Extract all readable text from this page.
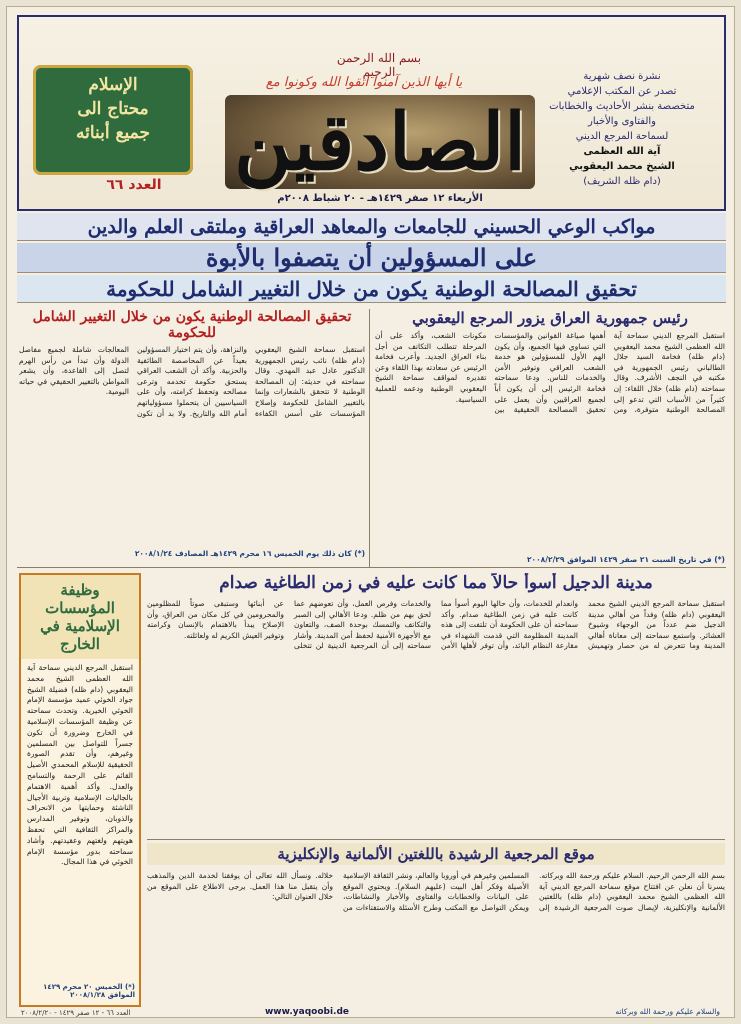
بسم الله الرحمن الرحيم
يا أيها الذين آمنوا اتقوا الله وكونوا مع
الصادقين
الأربعاء ١٢ صفر ١٤٢٩هـ - ٢٠ شباط ٢٠٠٨م
الإسلام
محتاج الى
جميع أبنائه
العدد ٦٦
نشرة نصف شهرية
تصدر عن المكتب الإعلامي
متخصصة بنشر الأحاديث والخطابات
والفتاوى والأخبار
لسماحة المرجع الديني
آية الله العظمى
الشيخ محمد اليعقوبي
(دام ظله الشريف)
مواكب الوعي الحسيني للجامعات والمعاهد العراقية وملتقى العلم والدين
على المسؤولين أن يتصفوا بالأبوة
تحقيق المصالحة الوطنية يكون من خلال التغيير الشامل للحكومة
رئيس جمهورية العراق يزور المرجع اليعقوبي
استقبل المرجع الديني سماحة آية الله العظمى الشيخ محمد اليعقوبي (دام ظله) فخامة السيد جلال الطالباني رئيس الجمهورية في مكتبه في النجف الأشرف. وقال سماحته (دام ظله) خلال اللقاء: إن كثيراً من الأسباب التي تدعو إلى المصالحة الوطنية متوفرة، ومن أهمها صياغة القوانين والمؤسسات التي تساوي فيها الجميع، وأن يكون الهم الأول للمسؤولين هو خدمة الشعب العراقي وتوفير الأمن والخدمات للناس. ودعا سماحته فخامة الرئيس إلى أن يكون أباً لجميع العراقيين وأن يعمل على تحقيق المصالحة الحقيقية بين مكونات الشعب، وأكد على أن المرحلة تتطلب التكاتف من أجل بناء العراق الجديد. وأعرب فخامة الرئيس عن سعادته بهذا اللقاء وعن تقديره لمواقف سماحة الشيخ اليعقوبي الوطنية ودعمه للعملية السياسية.
(*) في تاريخ السبت ٢١ صفر ١٤٢٩ الموافق ٢٠٠٨/٢/٢٩
تحقيق المصالحة الوطنية يكون من خلال التغيير الشامل للحكومة
استقبل سماحة الشيخ اليعقوبي (دام ظله) نائب رئيس الجمهورية الدكتور عادل عبد المهدي. وقال سماحته في حديثه: إن المصالحة الوطنية لا تتحقق بالشعارات وإنما بالتغيير الشامل للحكومة وإصلاح المؤسسات على أسس الكفاءة والنزاهة، وأن يتم اختيار المسؤولين بعيداً عن المحاصصة الطائفية والحزبية. وأكد أن الشعب العراقي يستحق حكومة تخدمه وترعى مصالحه وتحفظ كرامته، وأن على السياسيين أن يتحملوا مسؤولياتهم أمام الله والتاريخ. ولا بد أن تكون المعالجات شاملة لجميع مفاصل الدولة وأن تبدأ من رأس الهرم لتصل إلى القاعدة، وأن يشعر المواطن بالتغيير الحقيقي في حياته اليومية.
(*) كان ذلك يوم الخميس ١٦ محرم ١٤٢٩هـ المصادف ٢٠٠٨/١/٢٤
مدينة الدجيل أسوأ حالاً مما كانت عليه في زمن الطاغية صدام
استقبل سماحة المرجع الديني الشيخ محمد اليعقوبي (دام ظله) وفداً من أهالي مدينة الدجيل ضم عدداً من الوجهاء وشيوخ العشائر. واستمع سماحته إلى معاناة أهالي المدينة وما تتعرض له من حصار وتهميش وانعدام للخدمات، وأن حالها اليوم أسوأ مما كانت عليه في زمن الطاغية صدام. وأكد سماحته أن على الحكومة أن تلتفت إلى هذه المدينة المظلومة التي قدمت الشهداء في مقارعة النظام البائد، وأن توفر لأهلها الأمن والخدمات وفرص العمل، وأن تعوضهم عما لحق بهم من ظلم. ودعا الأهالي إلى الصبر والتكاتف والتمسك بوحدة الصف، والتعاون مع الأجهزة الأمنية لحفظ أمن المدينة. وأشار سماحته إلى أن المرجعية الدينية لن تتخلى عن أبنائها وستبقى صوتاً للمظلومين والمحرومين في كل مكان من العراق، وأن الإصلاح يبدأ بالاهتمام بالإنسان وكرامته وتوفير العيش الكريم له ولعائلته.
وظيفة المؤسسات الإسلامية في الخارج
استقبل المرجع الديني سماحة آية الله العظمى الشيخ محمد اليعقوبي (دام ظله) فضيلة الشيخ جواد الخوئي عميد مؤسسة الإمام الخوئي الخيرية. وتحدث سماحته عن وظيفة المؤسسات الإسلامية في الخارج وضرورة أن تكون جسراً للتواصل بين المسلمين وغيرهم، وأن تقدم الصورة الحقيقية للإسلام المحمدي الأصيل القائم على الرحمة والتسامح والعدل. وأكد أهمية الاهتمام بالجاليات الإسلامية وتربية الأجيال الناشئة وحمايتها من الانحراف والذوبان، وتوفير المدارس والمراكز الثقافية التي تحفظ هويتهم ولغتهم وعقيدتهم. وأشاد سماحته بدور مؤسسة الإمام الخوئي في هذا المجال.
(*) الخميس ٢٠ محرم ١٤٢٩ الموافق ٢٠٠٨/١/٢٨
موقع المرجعية الرشيدة باللغتين الألمانية والإنكليزية
بسم الله الرحمن الرحيم. السلام عليكم ورحمة الله وبركاته. يسرنا أن نعلن عن افتتاح موقع سماحة المرجع الديني آية الله العظمى الشيخ محمد اليعقوبي (دام ظله) باللغتين الألمانية والإنكليزية، لإيصال صوت المرجعية الرشيدة إلى المسلمين وغيرهم في أوروبا والعالم، ونشر الثقافة الإسلامية الأصيلة وفكر أهل البيت (عليهم السلام). ويحتوي الموقع على البيانات والخطابات والفتاوى والأخبار والنشاطات، ويمكن التواصل مع المكتب وطرح الأسئلة والاستفتاءات من خلاله. ونسأل الله تعالى أن يوفقنا لخدمة الدين والمذهب وأن يتقبل منا هذا العمل. يرجى الاطلاع على الموقع من خلال العنوان التالي:
www.yaqoobi.de	والسلام عليكم ورحمة الله وبركاته
العدد ٦٦ - ١٢ صفر ١٤٢٩ - ٢٠٠٨/٢/٢٠
